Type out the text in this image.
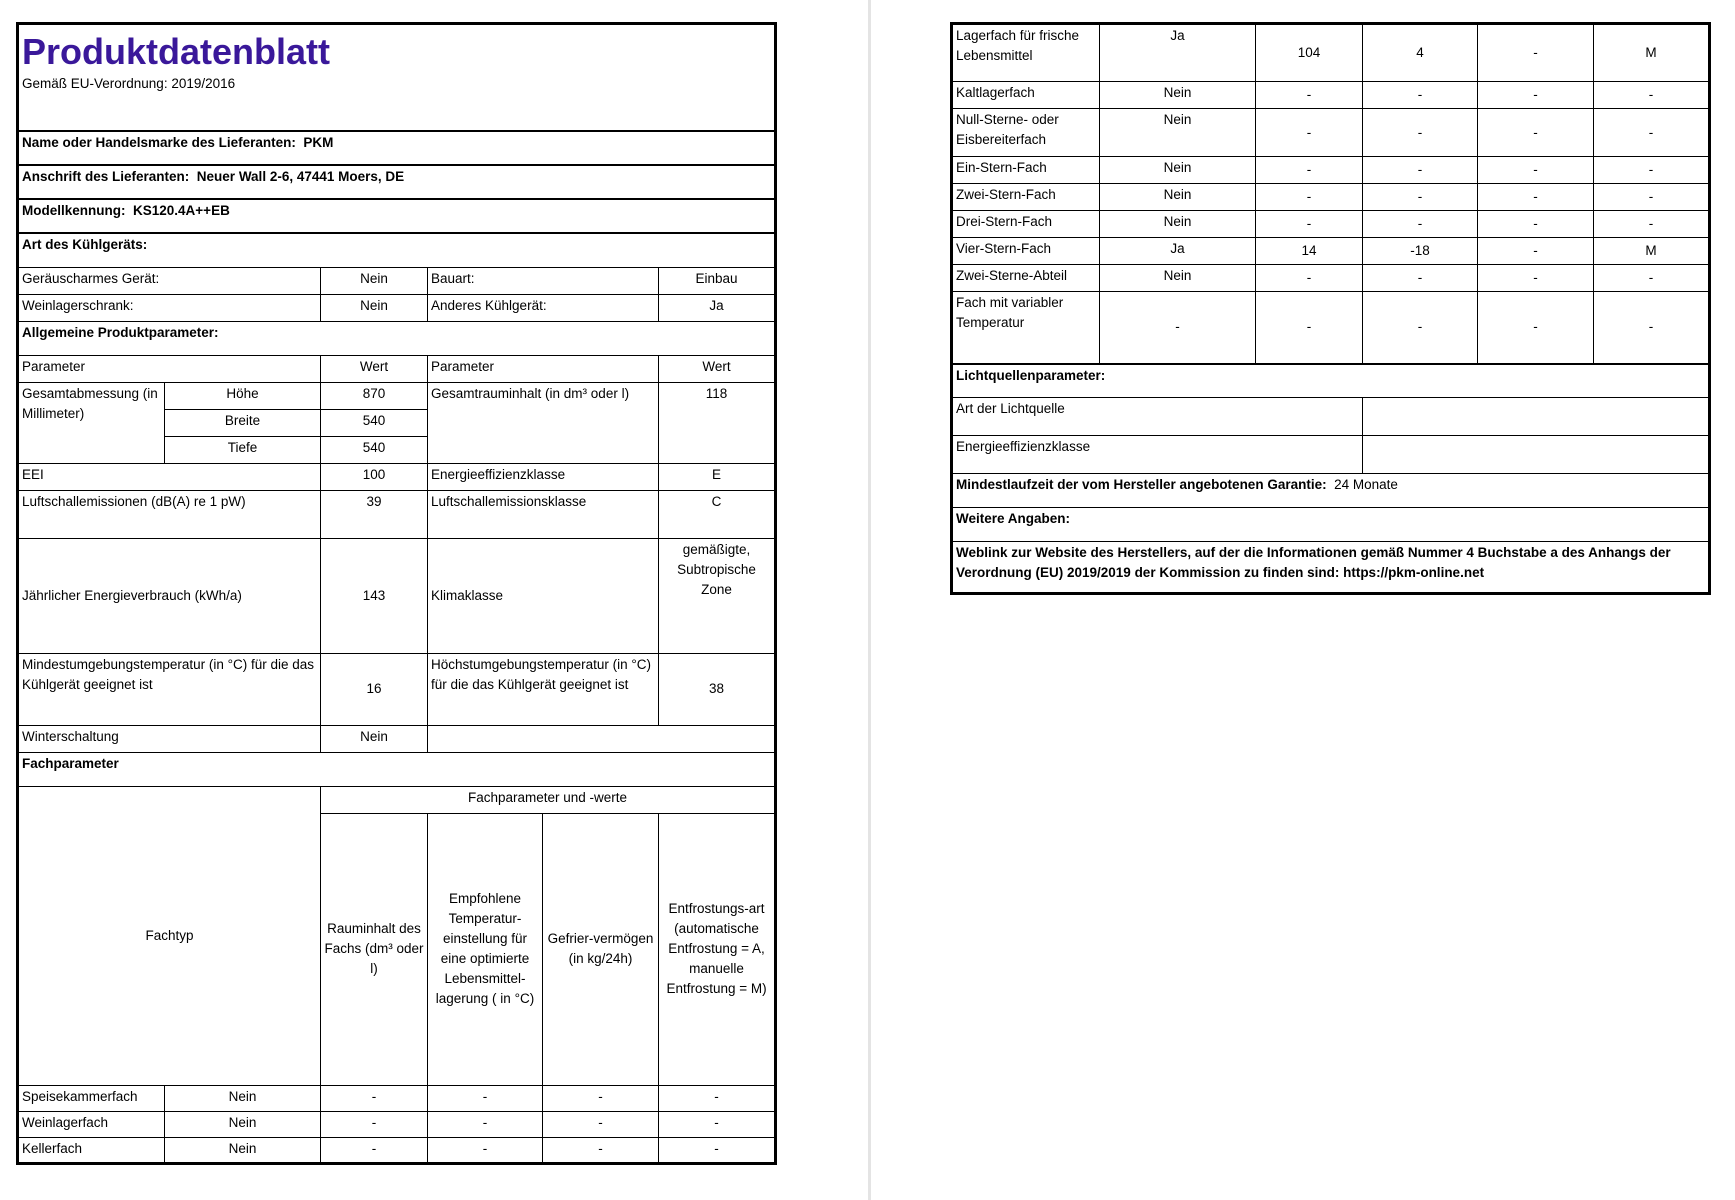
Produktdatenblatt
Gemäß EU-Verordnung: 2019/2016					

Name oder Handelsmarke des Lieferanten: PKM					
Anschrift des Lieferanten: Neuer Wall 2-6, 47441 Moers, DE					
Modellkennung: KS120.4A++EB					
Art des Kühlgeräts:					
Geräuscharmes Gerät:		Nein	Bauart:		Einbau
Weinlagerschrank:		Nein	Anderes Kühlgerät:		Ja
Allgemeine Produktparameter:					
Parameter		Wert	Parameter		Wert
Gesamtabmessung (in Millimeter)	Höhe	870	Gesamtrauminhalt (in dm³ oder l)		118
	Breite	540			
	Tiefe	540			
EEI		100	Energieeffizienzklasse		E
Luftschallemissionen (dB(A) re 1 pW)		39	Luftschallemissionsklasse		C
Jährlicher Energieverbrauch (kWh/a)		143	Klimaklasse		gemäßigte, Subtropische Zone
Mindestumgebungstemperatur (in °C) für die das Kühlgerät geeignet ist		16	Höchstumgebungstemperatur (in °C) für die das Kühlgerät geeignet ist		38
Winterschaltung		Nein			
Fachparameter					
Fachtyp		Fachparameter und -werte			
		Rauminhalt des Fachs (dm³ oder l)	Empfohlene Temperatur-einstellung für eine optimierte Lebensmittel-lagerung ( in °C)	Gefrier-vermögen (in kg/24h)	Entfrostungs-art (automatische Entfrostung = A, manuelle Entfrostung = M)
Speisekammerfach	Nein	-	-	-	-
Weinlagerfach	Nein	-	-	-	-
Kellerfach	Nein	-	-	-	-
Lagerfach für frische Lebensmittel	Ja	104	4	-	M
Kaltlagerfach	Nein	-	-	-	-
Null-Sterne- oder Eisbereiterfach	Nein	-	-	-	-
Ein-Stern-Fach	Nein	-	-	-	-
Zwei-Stern-Fach	Nein	-	-	-	-
Drei-Stern-Fach	Nein	-	-	-	-
Vier-Stern-Fach	Ja	14	-18	-	M
Zwei-Sterne-Abteil	Nein	-	-	-	-
Fach mit variabler Temperatur	-	-	-	-	-
Lichtquellenparameter:					
Art der Lichtquelle					
Energieeffizienzklasse					
Mindestlaufzeit der vom Hersteller angebotenen Garantie: 24 Monate					
Weitere Angaben:					
Weblink zur Website des Herstellers, auf der die Informationen gemäß Nummer 4 Buchstabe a des Anhangs der Verordnung (EU) 2019/2019 der Kommission zu finden sind: https://pkm-online.net					
